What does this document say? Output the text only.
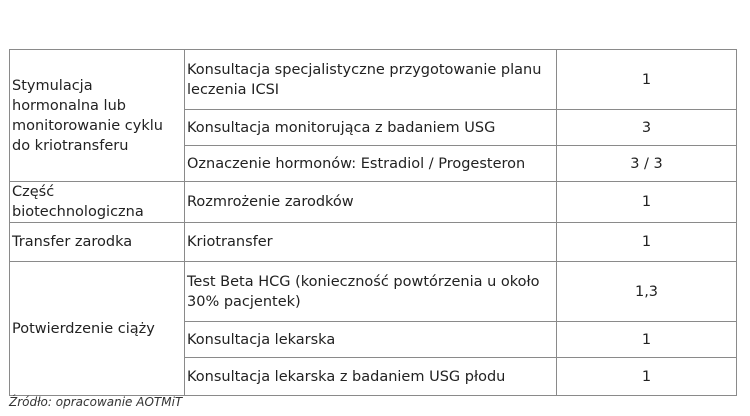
Stymulacja hormonalna lub monitorowanie cyklu do kriotransferu	Konsultacja specjalistyczne przygotowanie planu leczenia ICSI	1
	Konsultacja monitorująca z badaniem USG	3
	Oznaczenie hormonów: Estradiol / Progesteron	3 / 3
Część biotechnologiczna	Rozmrożenie zarodków	1
Transfer zarodka	Kriotransfer	1
Potwierdzenie ciąży	Test Beta HCG (konieczność powtórzenia u około 30% pacjentek)	1,3
	Konsultacja lekarska	1
	Konsultacja lekarska z badaniem USG płodu	1
Źródło: opracowanie AOTMiT
